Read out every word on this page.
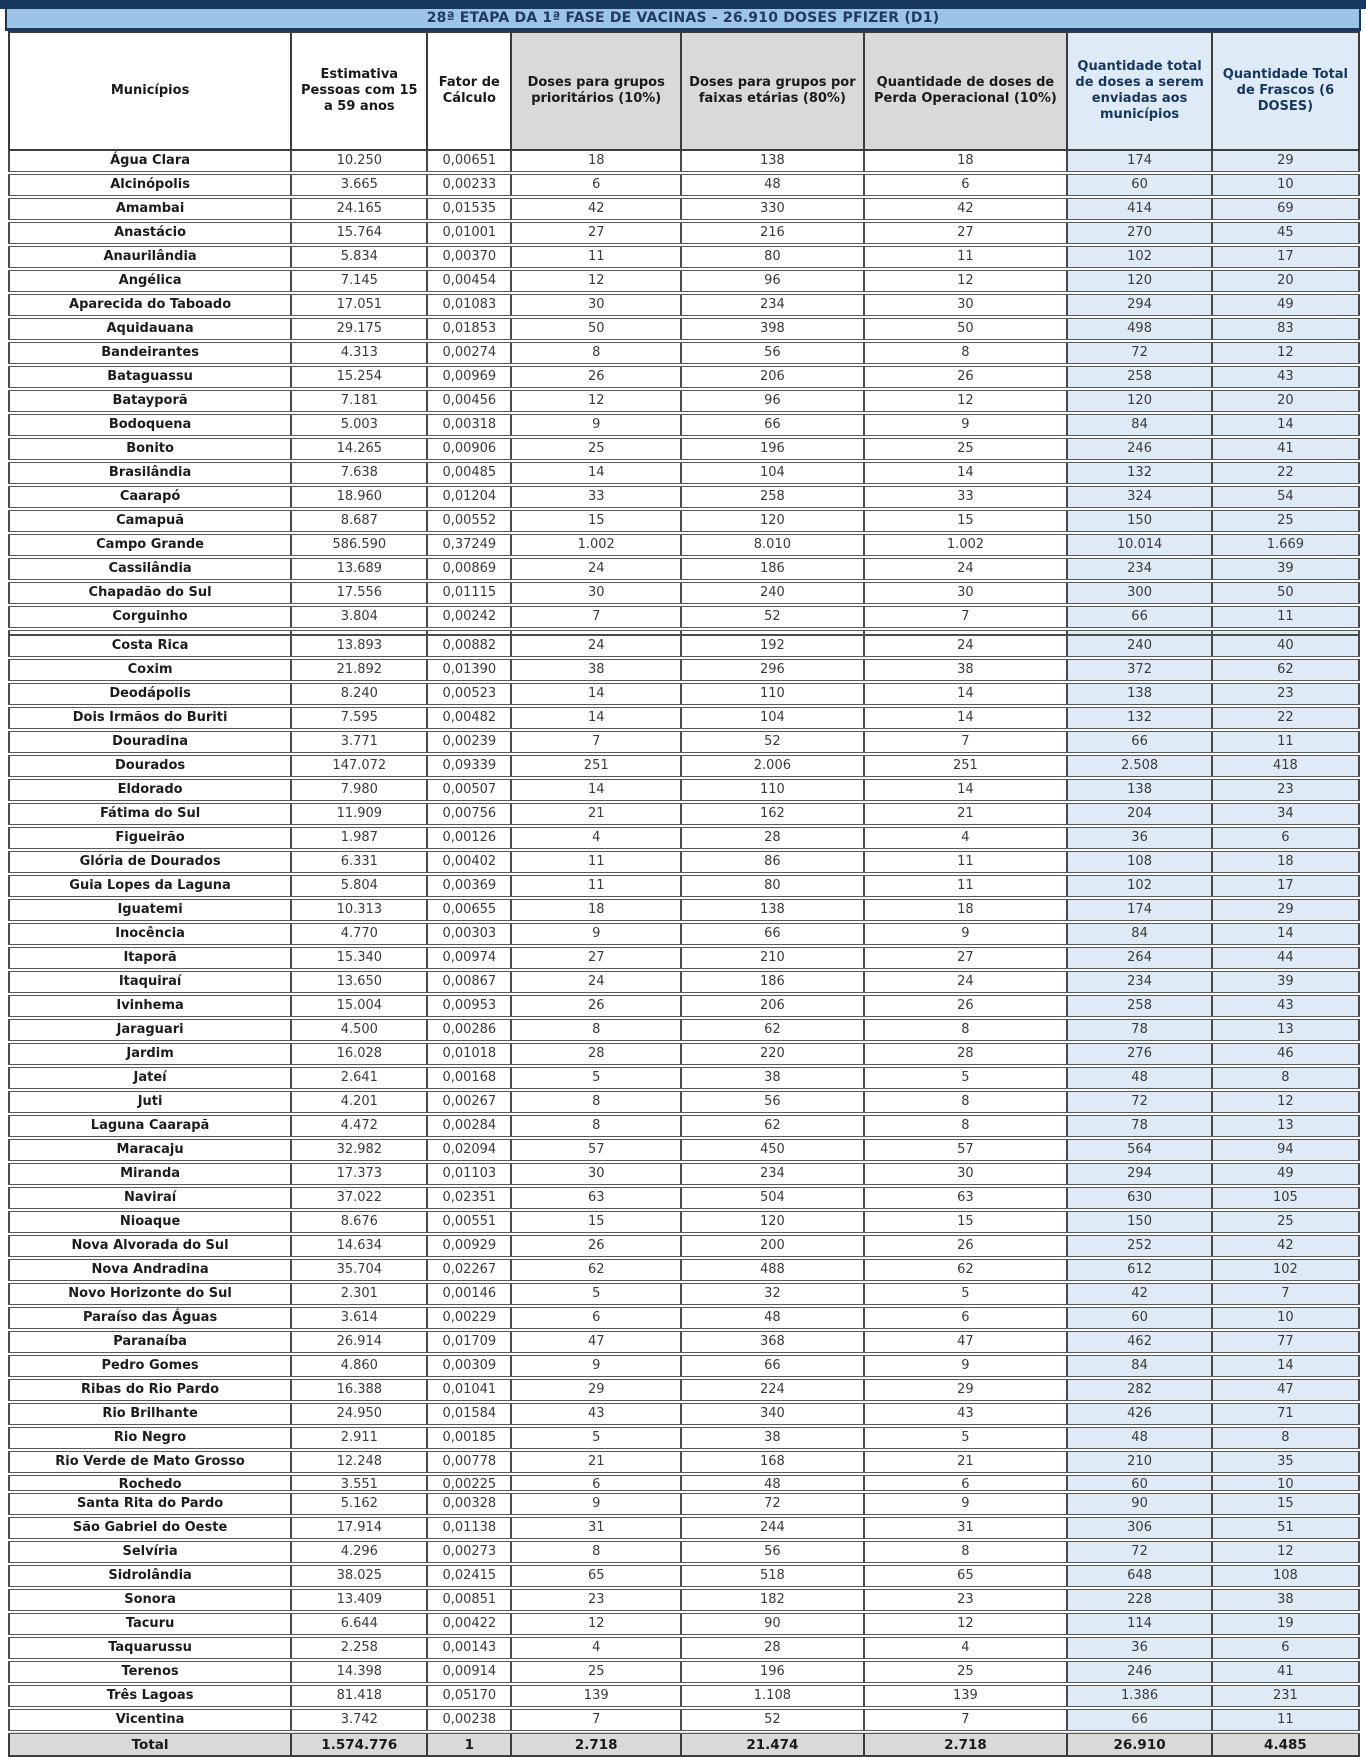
28ª ETAPA DA 1ª FASE DE VACINAS - 26.910 DOSES PFIZER (D1)
Municípios	Estimativa Pessoas com 15 a 59 anos	Fator de Cálculo	Doses para grupos prioritários (10%)	Doses para grupos por faixas etárias (80%)	Quantidade de doses de Perda Operacional (10%)	Quantidade total de doses a serem enviadas aos municípios	Quantidade Total de Frascos (6 DOSES)

Água Clara	10.250	0,00651	18	138	18	174	29

Alcinópolis	3.665	0,00233	6	48	6	60	10

Amambai	24.165	0,01535	42	330	42	414	69

Anastácio	15.764	0,01001	27	216	27	270	45

Anaurilândia	5.834	0,00370	11	80	11	102	17

Angélica	7.145	0,00454	12	96	12	120	20

Aparecida do Taboado	17.051	0,01083	30	234	30	294	49

Aquidauana	29.175	0,01853	50	398	50	498	83

Bandeirantes	4.313	0,00274	8	56	8	72	12

Bataguassu	15.254	0,00969	26	206	26	258	43

Batayporã	7.181	0,00456	12	96	12	120	20

Bodoquena	5.003	0,00318	9	66	9	84	14

Bonito	14.265	0,00906	25	196	25	246	41

Brasilândia	7.638	0,00485	14	104	14	132	22

Caarapó	18.960	0,01204	33	258	33	324	54

Camapuã	8.687	0,00552	15	120	15	150	25

Campo Grande	586.590	0,37249	1.002	8.010	1.002	10.014	1.669

Cassilândia	13.689	0,00869	24	186	24	234	39

Chapadão do Sul	17.556	0,01115	30	240	30	300	50

Corguinho	3.804	0,00242	7	52	7	66	11

Costa Rica	13.893	0,00882	24	192	24	240	40

Coxim	21.892	0,01390	38	296	38	372	62

Deodápolis	8.240	0,00523	14	110	14	138	23

Dois Irmãos do Buriti	7.595	0,00482	14	104	14	132	22

Douradina	3.771	0,00239	7	52	7	66	11

Dourados	147.072	0,09339	251	2.006	251	2.508	418

Eldorado	7.980	0,00507	14	110	14	138	23

Fátima do Sul	11.909	0,00756	21	162	21	204	34

Figueirão	1.987	0,00126	4	28	4	36	6

Glória de Dourados	6.331	0,00402	11	86	11	108	18

Guia Lopes da Laguna	5.804	0,00369	11	80	11	102	17

Iguatemi	10.313	0,00655	18	138	18	174	29

Inocência	4.770	0,00303	9	66	9	84	14

Itaporã	15.340	0,00974	27	210	27	264	44

Itaquiraí	13.650	0,00867	24	186	24	234	39

Ivinhema	15.004	0,00953	26	206	26	258	43

Jaraguari	4.500	0,00286	8	62	8	78	13

Jardim	16.028	0,01018	28	220	28	276	46

Jateí	2.641	0,00168	5	38	5	48	8

Juti	4.201	0,00267	8	56	8	72	12

Laguna Caarapã	4.472	0,00284	8	62	8	78	13

Maracaju	32.982	0,02094	57	450	57	564	94

Miranda	17.373	0,01103	30	234	30	294	49

Naviraí	37.022	0,02351	63	504	63	630	105

Nioaque	8.676	0,00551	15	120	15	150	25

Nova Alvorada do Sul	14.634	0,00929	26	200	26	252	42

Nova Andradina	35.704	0,02267	62	488	62	612	102

Novo Horizonte do Sul	2.301	0,00146	5	32	5	42	7

Paraíso das Águas	3.614	0,00229	6	48	6	60	10

Paranaíba	26.914	0,01709	47	368	47	462	77

Pedro Gomes	4.860	0,00309	9	66	9	84	14

Ribas do Rio Pardo	16.388	0,01041	29	224	29	282	47

Rio Brilhante	24.950	0,01584	43	340	43	426	71

Rio Negro	2.911	0,00185	5	38	5	48	8

Rio Verde de Mato Grosso	12.248	0,00778	21	168	21	210	35

Rochedo	3.551	0,00225	6	48	6	60	10

Santa Rita do Pardo	5.162	0,00328	9	72	9	90	15

São Gabriel do Oeste	17.914	0,01138	31	244	31	306	51

Selvíria	4.296	0,00273	8	56	8	72	12

Sidrolândia	38.025	0,02415	65	518	65	648	108

Sonora	13.409	0,00851	23	182	23	228	38

Tacuru	6.644	0,00422	12	90	12	114	19

Taquarussu	2.258	0,00143	4	28	4	36	6

Terenos	14.398	0,00914	25	196	25	246	41

Três Lagoas	81.418	0,05170	139	1.108	139	1.386	231

Vicentina	3.742	0,00238	7	52	7	66	11

Total	1.574.776	1	2.718	21.474	2.718	26.910	4.485
